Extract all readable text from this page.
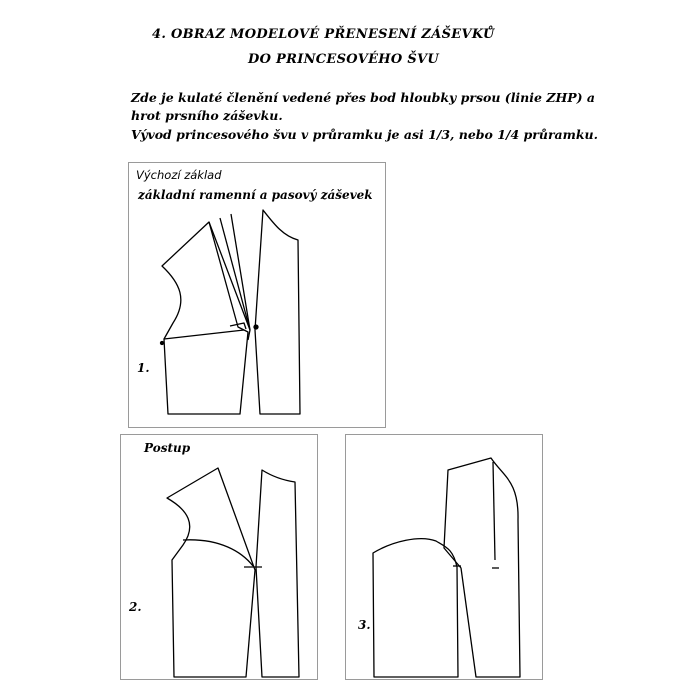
4. OBRAZ MODELOVÉ PŘENESENÍ ZÁŠEVKŮ
DO PRINCESOVÉHO ŠVU
Zde je kulaté členění vedené přes bod hloubky prsou (linie ZHP) a
hrot prsního záševku.
Vývod princesového švu v průramku je asi 1/3, nebo 1/4 průramku.
Výchozí základ
základní ramenní a pasový záševek
Postup
1.
2.
3.
